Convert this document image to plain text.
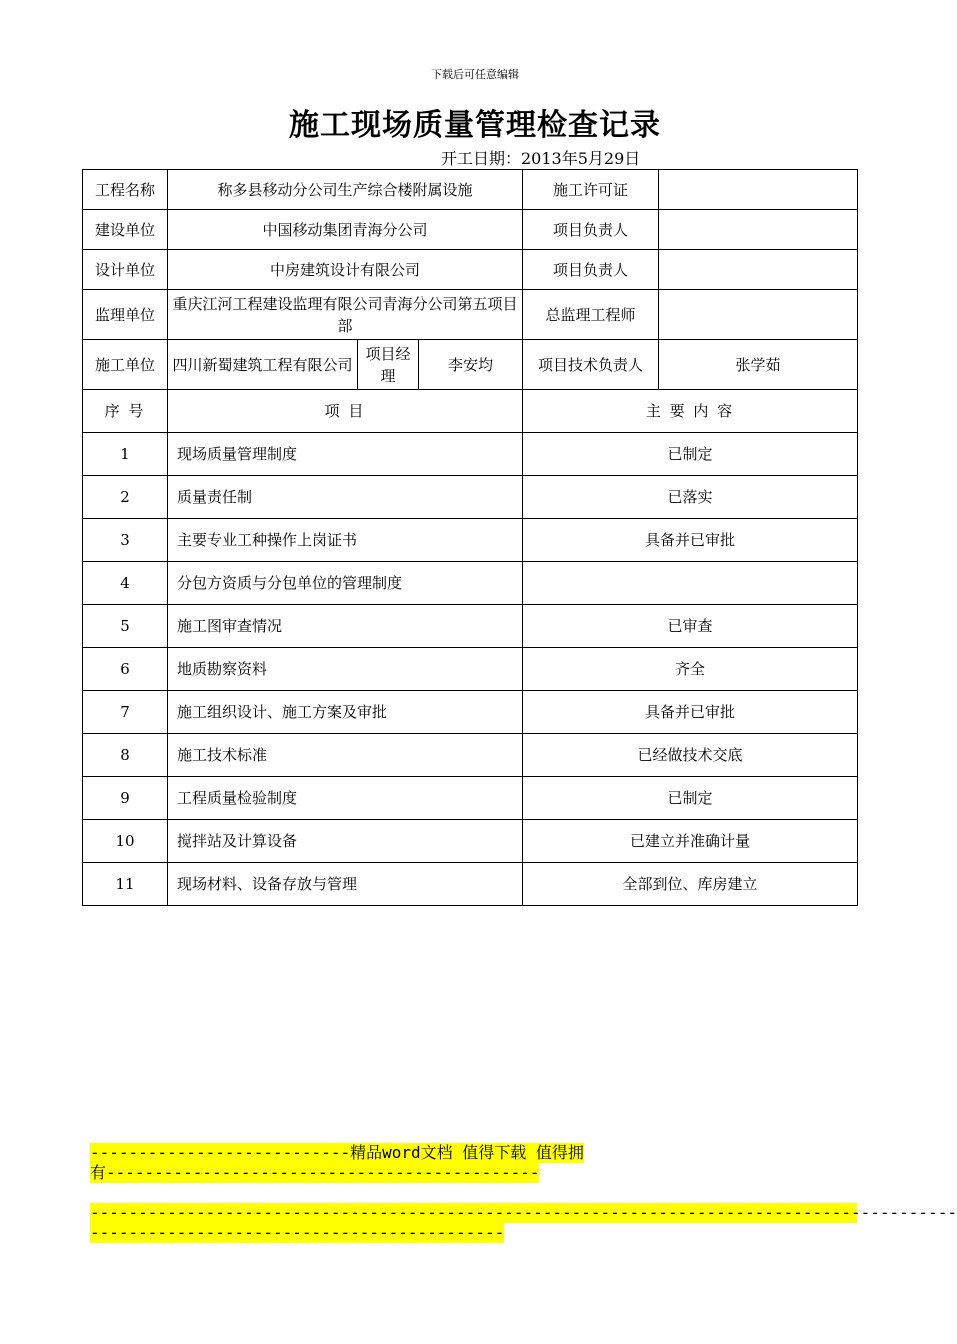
下载后可任意编辑
施工现场质量管理检查记录
开工日期：2013年5月29日
工程名称	称多县移动分公司生产综合楼附属设施			施工许可证	
建设单位	中国移动集团青海分公司			项目负责人	
设计单位	中房建筑设计有限公司			项目负责人	
监理单位	重庆江河工程建设监理有限公司青海分公司第五项目部			总监理工程师	
施工单位	四川新蜀建筑工程有限公司	项目经理	李安均	项目技术负责人	张学茹
序 号	项 目			主 要 内 容	
1	现场质量管理制度			已制定	
2	质量责任制			已落实	
3	主要专业工种操作上岗证书			具备并已审批	
4	分包方资质与分包单位的管理制度				
5	施工图审查情况			已审查	
6	地质勘察资料			齐全	
7	施工组织设计、施工方案及审批			具备并已审批	
8	施工技术标准			已经做技术交底	
9	工程质量检验制度			已制定	
10	搅拌站及计算设备			已建立并准确计量	
11	现场材料、设备存放与管理			全部到位、库房建立	
---------------------------精品word文档 值得下载 值得拥
有---------------------------------------------
------------------------------------------------------------------------------------------
-------------------------------------------
